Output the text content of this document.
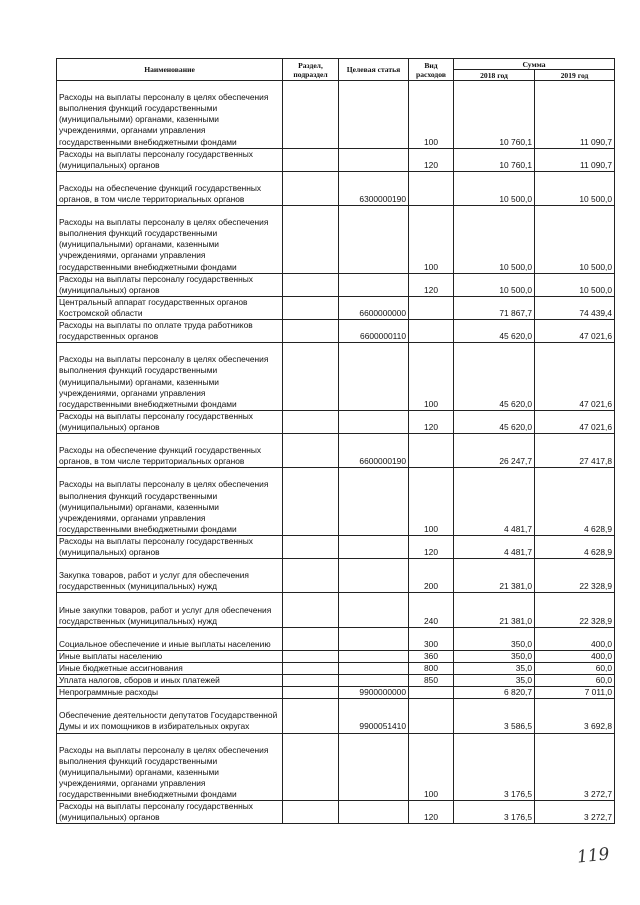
Наименование	Раздел, подраздел	Целевая статья	Вид расходов	Сумма	
				2018 год	2019 год
Расходы на выплаты персоналу в целях обеспечения выполнения функций государственными (муниципальными) органами, казенными учреждениями, органами управления государственными внебюджетными фондами			100	10 760,1	11 090,7
Расходы на выплаты персоналу государственных (муниципальных) органов			120	10 760,1	11 090,7
Расходы на обеспечение функций государственных органов, в том числе территориальных органов		6300000190		10 500,0	10 500,0
Расходы на выплаты персоналу в целях обеспечения выполнения функций государственными (муниципальными) органами, казенными учреждениями, органами управления государственными внебюджетными фондами			100	10 500,0	10 500,0
Расходы на выплаты персоналу государственных (муниципальных) органов			120	10 500,0	10 500,0
Центральный аппарат государственных органов Костромской области		6600000000		71 867,7	74 439,4
Расходы на выплаты по оплате труда работников государственных органов		6600000110		45 620,0	47 021,6
Расходы на выплаты персоналу в целях обеспечения выполнения функций государственными (муниципальными) органами, казенными учреждениями, органами управления государственными внебюджетными фондами			100	45 620,0	47 021,6
Расходы на выплаты персоналу государственных (муниципальных) органов			120	45 620,0	47 021,6
Расходы на обеспечение функций государственных органов, в том числе территориальных органов		6600000190		26 247,7	27 417,8
Расходы на выплаты персоналу в целях обеспечения выполнения функций государственными (муниципальными) органами, казенными учреждениями, органами управления государственными внебюджетными фондами			100	4 481,7	4 628,9
Расходы на выплаты персоналу государственных (муниципальных) органов			120	4 481,7	4 628,9
Закупка товаров, работ и услуг для обеспечения государственных (муниципальных) нужд			200	21 381,0	22 328,9
Иные закупки товаров, работ и услуг для обеспечения государственных (муниципальных) нужд			240	21 381,0	22 328,9
Социальное обеспечение и иные выплаты населению			300	350,0	400,0
Иные выплаты населению			360	350,0	400,0
Иные бюджетные ассигнования			800	35,0	60,0
Уплата налогов, сборов и иных платежей			850	35,0	60,0
Непрограммные расходы		9900000000		6 820,7	7 011,0
Обеспечение деятельности депутатов Государственной Думы и их помощников в избирательных округах		9900051410		3 586,5	3 692,8
Расходы на выплаты персоналу в целях обеспечения выполнения функций государственными (муниципальными) органами, казенными учреждениями, органами управления государственными внебюджетными фондами			100	3 176,5	3 272,7
Расходы на выплаты персоналу государственных (муниципальных) органов			120	3 176,5	3 272,7
119
